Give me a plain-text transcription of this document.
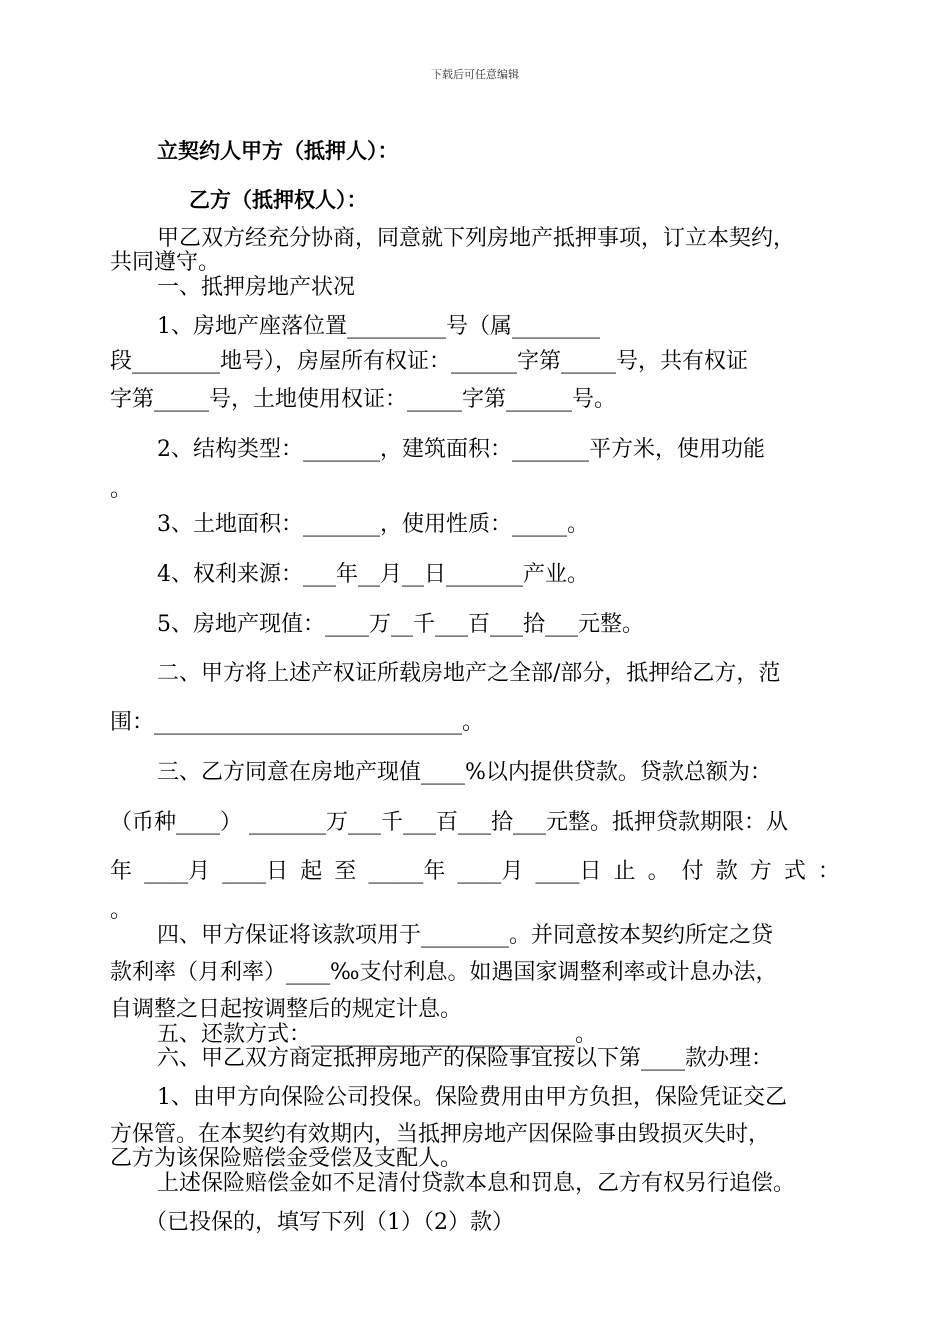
下载后可任意编辑
立契约人甲方（抵押人）：
乙方（抵押权人）：
甲乙双方经充分协商，同意就下列房地产抵押事项，订立本契约，
共同遵守。
一、抵押房地产状况
1、房地产座落位置_________号（属________
段________地号），房屋所有权证：______字第_____号，共有权证
字第_____号，土地使用权证：_____字第______号。
2、结构类型：_______，建筑面积：_______平方米，使用功能
。
3、土地面积：_______，使用性质：_____。
4、权利来源：___年__月__日_______产业。
5、房地产现值：____万__千___百___拾___元整。
二、甲方将上述产权证所载房地产之全部/部分，抵押给乙方，范
围：____________________________。
三、乙方同意在房地产现值____%以内提供贷款。贷款总额为：
（币种____） _______万___千___百___拾___元整。抵押贷款期限：从
年 ____月 ____日 起 至 _____年 ____月 ____日 止 。 付 款 方 式 ：
。
四、甲方保证将该款项用于________。并同意按本契约所定之贷
款利率（月利率）____‰支付利息。如遇国家调整利率或计息办法，
自调整之日起按调整后的规定计息。
五、还款方式：________________________。
六、甲乙双方商定抵押房地产的保险事宜按以下第____款办理：
1、由甲方向保险公司投保。保险费用由甲方负担，保险凭证交乙
方保管。在本契约有效期内，当抵押房地产因保险事由毁损灭失时，
乙方为该保险赔偿金受偿及支配人。
上述保险赔偿金如不足清付贷款本息和罚息，乙方有权另行追偿。
（已投保的，填写下列（1）（2）款）
